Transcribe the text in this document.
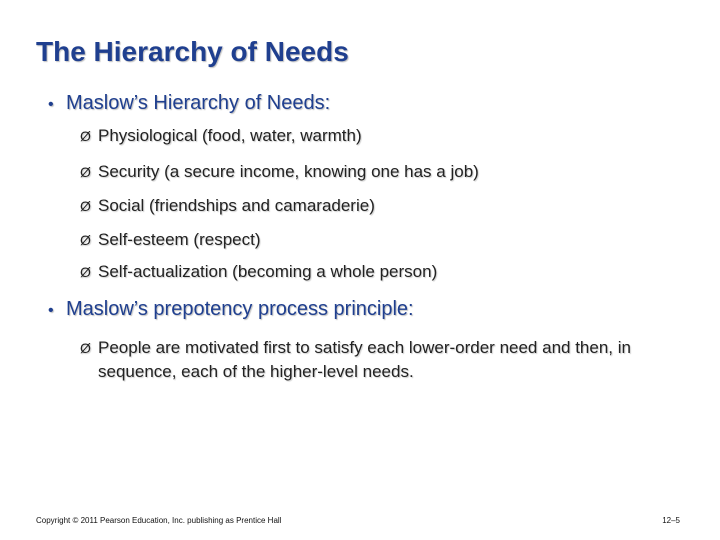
The Hierarchy of Needs
• Maslow’s Hierarchy of Needs:
Ø Physiological (food, water, warmth)
Ø Security (a secure income, knowing one has a job)
Ø Social (friendships and camaraderie)
Ø Self-esteem (respect)
Ø Self-actualization (becoming a whole person)
• Maslow’s prepotency process principle:
Ø People are motivated first to satisfy each lower-order need and then, in sequence, each of the higher-level needs.
Copyright © 2011 Pearson Education, Inc. publishing as Prentice Hall	12–5
